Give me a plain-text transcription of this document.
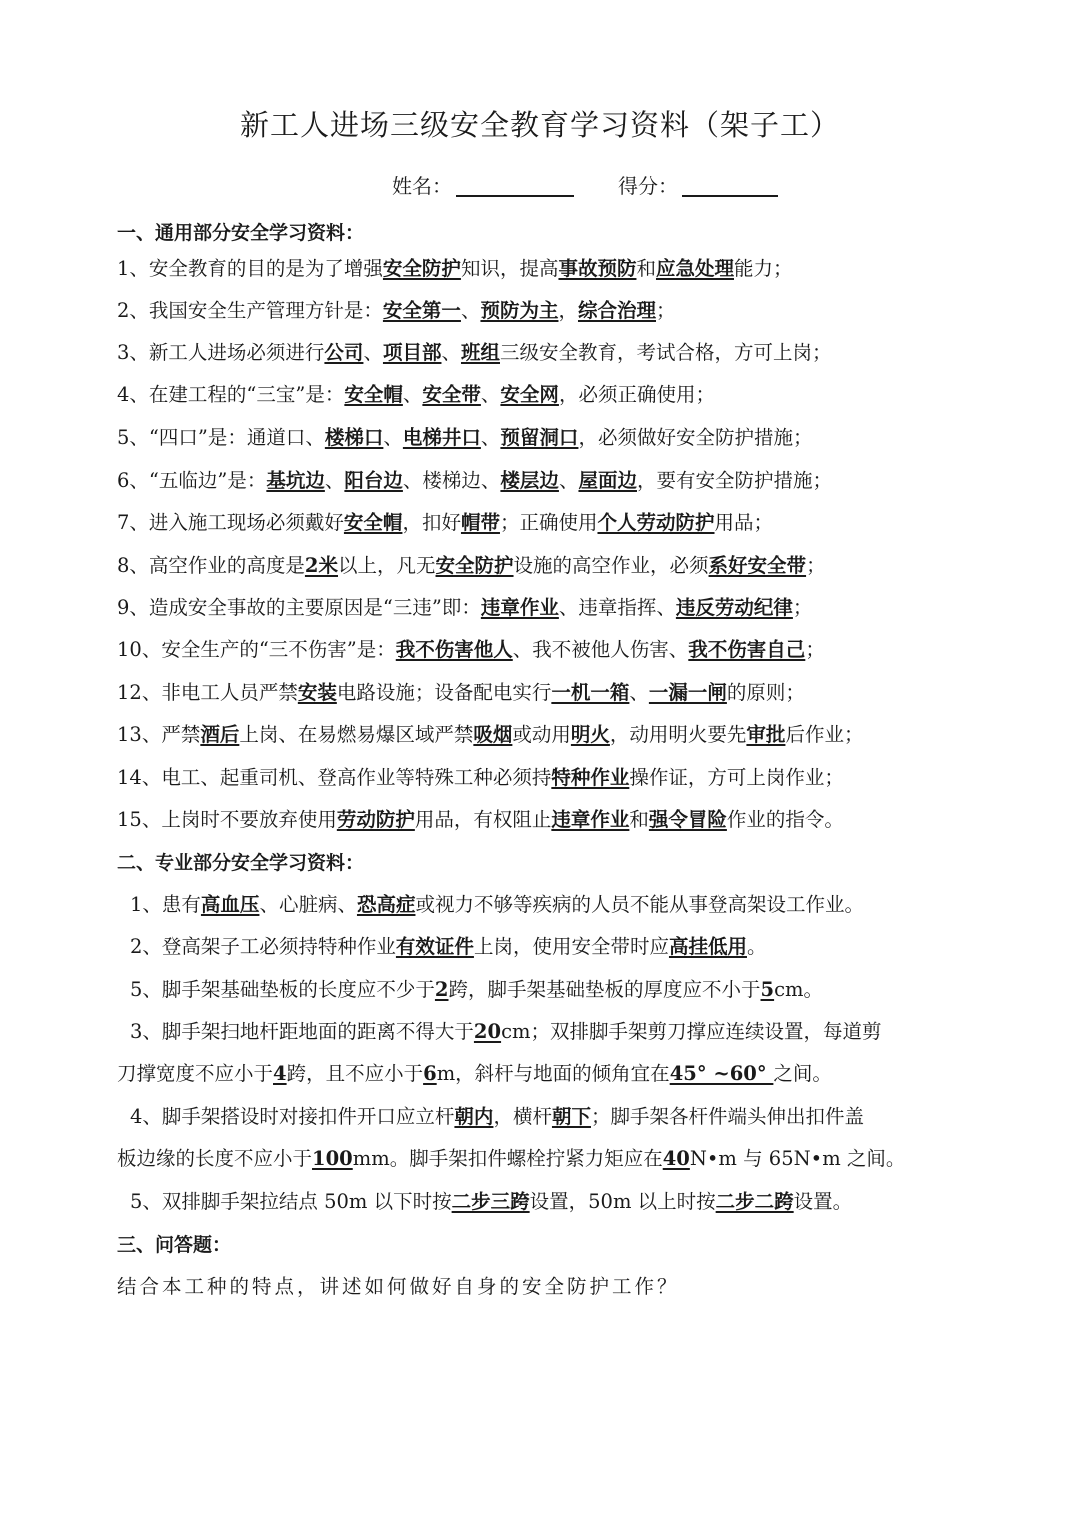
新工人进场三级安全教育学习资料（架子工）
姓名：	得分：
一、通用部分安全学习资料：
1、安全教育的目的是为了增强安全防护知识，提高事故预防和应急处理能力；
2、我国安全生产管理方针是：安全第一、预防为主，综合治理；
3、新工人进场必须进行公司、项目部、班组三级安全教育，考试合格，方可上岗；
4、在建工程的“三宝”是：安全帽、安全带、安全网，必须正确使用；
5、“四口”是：通道口、楼梯口、电梯井口、预留洞口，必须做好安全防护措施；
6、“五临边”是：基坑边、阳台边、楼梯边、楼层边、屋面边，要有安全防护措施；
7、进入施工现场必须戴好安全帽，扣好帽带；正确使用个人劳动防护用品；
8、高空作业的高度是2米以上，凡无安全防护设施的高空作业，必须系好安全带；
9、造成安全事故的主要原因是“三违”即：违章作业、违章指挥、违反劳动纪律；
10、安全生产的“三不伤害”是：我不伤害他人、我不被他人伤害、我不伤害自己；
12、非电工人员严禁安装电路设施；设备配电实行一机一箱、一漏一闸的原则；
13、严禁酒后上岗、在易燃易爆区域严禁吸烟或动用明火，动用明火要先审批后作业；
14、电工、起重司机、登高作业等特殊工种必须持特种作业操作证，方可上岗作业；
15、上岗时不要放弃使用劳动防护用品，有权阻止违章作业和强令冒险作业的指令。
二、专业部分安全学习资料：
1、患有高血压、心脏病、恐高症或视力不够等疾病的人员不能从事登高架设工作业。
2、登高架子工必须持特种作业有效证件上岗，使用安全带时应高挂低用。
5、脚手架基础垫板的长度应不少于2跨，脚手架基础垫板的厚度应不小于5cm。
3、脚手架扫地杆距地面的距离不得大于20cm；双排脚手架剪刀撑应连续设置，每道剪
刀撑宽度不应小于4跨，且不应小于6m，斜杆与地面的倾角宜在45° ~60° 之间。
4、脚手架搭设时对接扣件开口应立杆朝内，横杆朝下；脚手架各杆件端头伸出扣件盖
板边缘的长度不应小于100mm。脚手架扣件螺栓拧紧力矩应在40N•m 与 65N•m 之间。
5、双排脚手架拉结点 50m 以下时按二步三跨设置，50m 以上时按二步二跨设置。
三、问答题：
结合本工种的特点，讲述如何做好自身的安全防护工作？
